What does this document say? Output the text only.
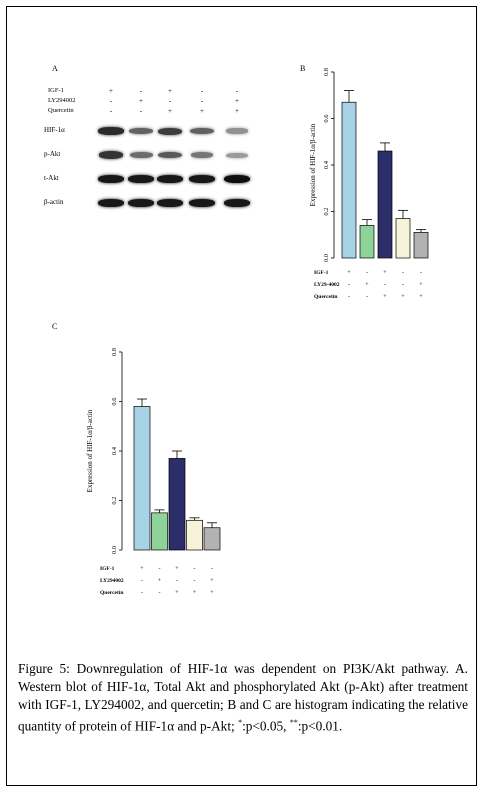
A
IGF-1	+	-	+	-	-
LY294002	-	+	-	-	+
Quercetin	-	-	+	+	+
HIF-1α
p-Akt
t-Akt
β-actin
B
0.0
0.2
0.4
0.6
0.8
Expression of HIF-1α/β-actin
IGF-1	+	-	+	-	-
LY29-4002 -	+	-	-	+
Quercetin -	-	+ + +
C
0.0
0.2
0.4
0.6
0.8
Expression of HIF-1α/β-actin
IGF-1	+ - + -	-
LY294002	- + -	- +
Quercetin	-	- + + +
Figure 5: Downregulation of HIF-1α was dependent on PI3K/Akt pathway. A. Western blot of HIF-1α, Total Akt and phosphorylated Akt (p-Akt) after treatment with IGF-1, LY294002, and quercetin; B and C are histogram indicating the relative quantity of protein of HIF-1α and p-Akt; *:p<0.05, **:p<0.01.
